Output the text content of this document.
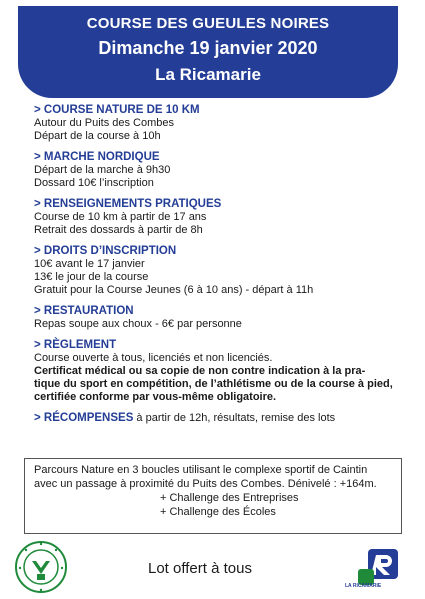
COURSE DES GUEULES NOIRES
Dimanche 19 janvier 2020
La Ricamarie
> COURSE NATURE DE 10 KM
Autour du Puits des Combes
Départ de la course à 10h
> MARCHE NORDIQUE
Départ de la marche à 9h30
Dossard 10€ l’inscription
> RENSEIGNEMENTS PRATIQUES
Course de 10 km à partir de 17 ans
Retrait des dossards à partir de 8h
> DROITS D’INSCRIPTION
10€ avant le 17 janvier
13€ le jour de la course
Gratuit pour la Course Jeunes (6 à 10 ans) - départ à 11h
> RESTAURATION
Repas soupe aux choux - 6€ par personne
> RÈGLEMENT
Course ouverte à tous, licenciés et non licenciés.
Certificat médical ou sa copie de non contre indication à la pra-
tique du sport en compétition, de l’athlétisme ou de la course à pied,
certifiée conforme par vous-même obligatoire.
> RÉCOMPENSES à partir de 12h, résultats, remise des lots
Parcours Nature en 3 boucles utilisant le complexe sportif de Caintin
avec un passage à proximité du Puits des Combes. Dénivelé : +164m.
+ Challenge des Entreprises
+ Challenge des Écoles
Lot offert à tous
LA RICAMARIE
